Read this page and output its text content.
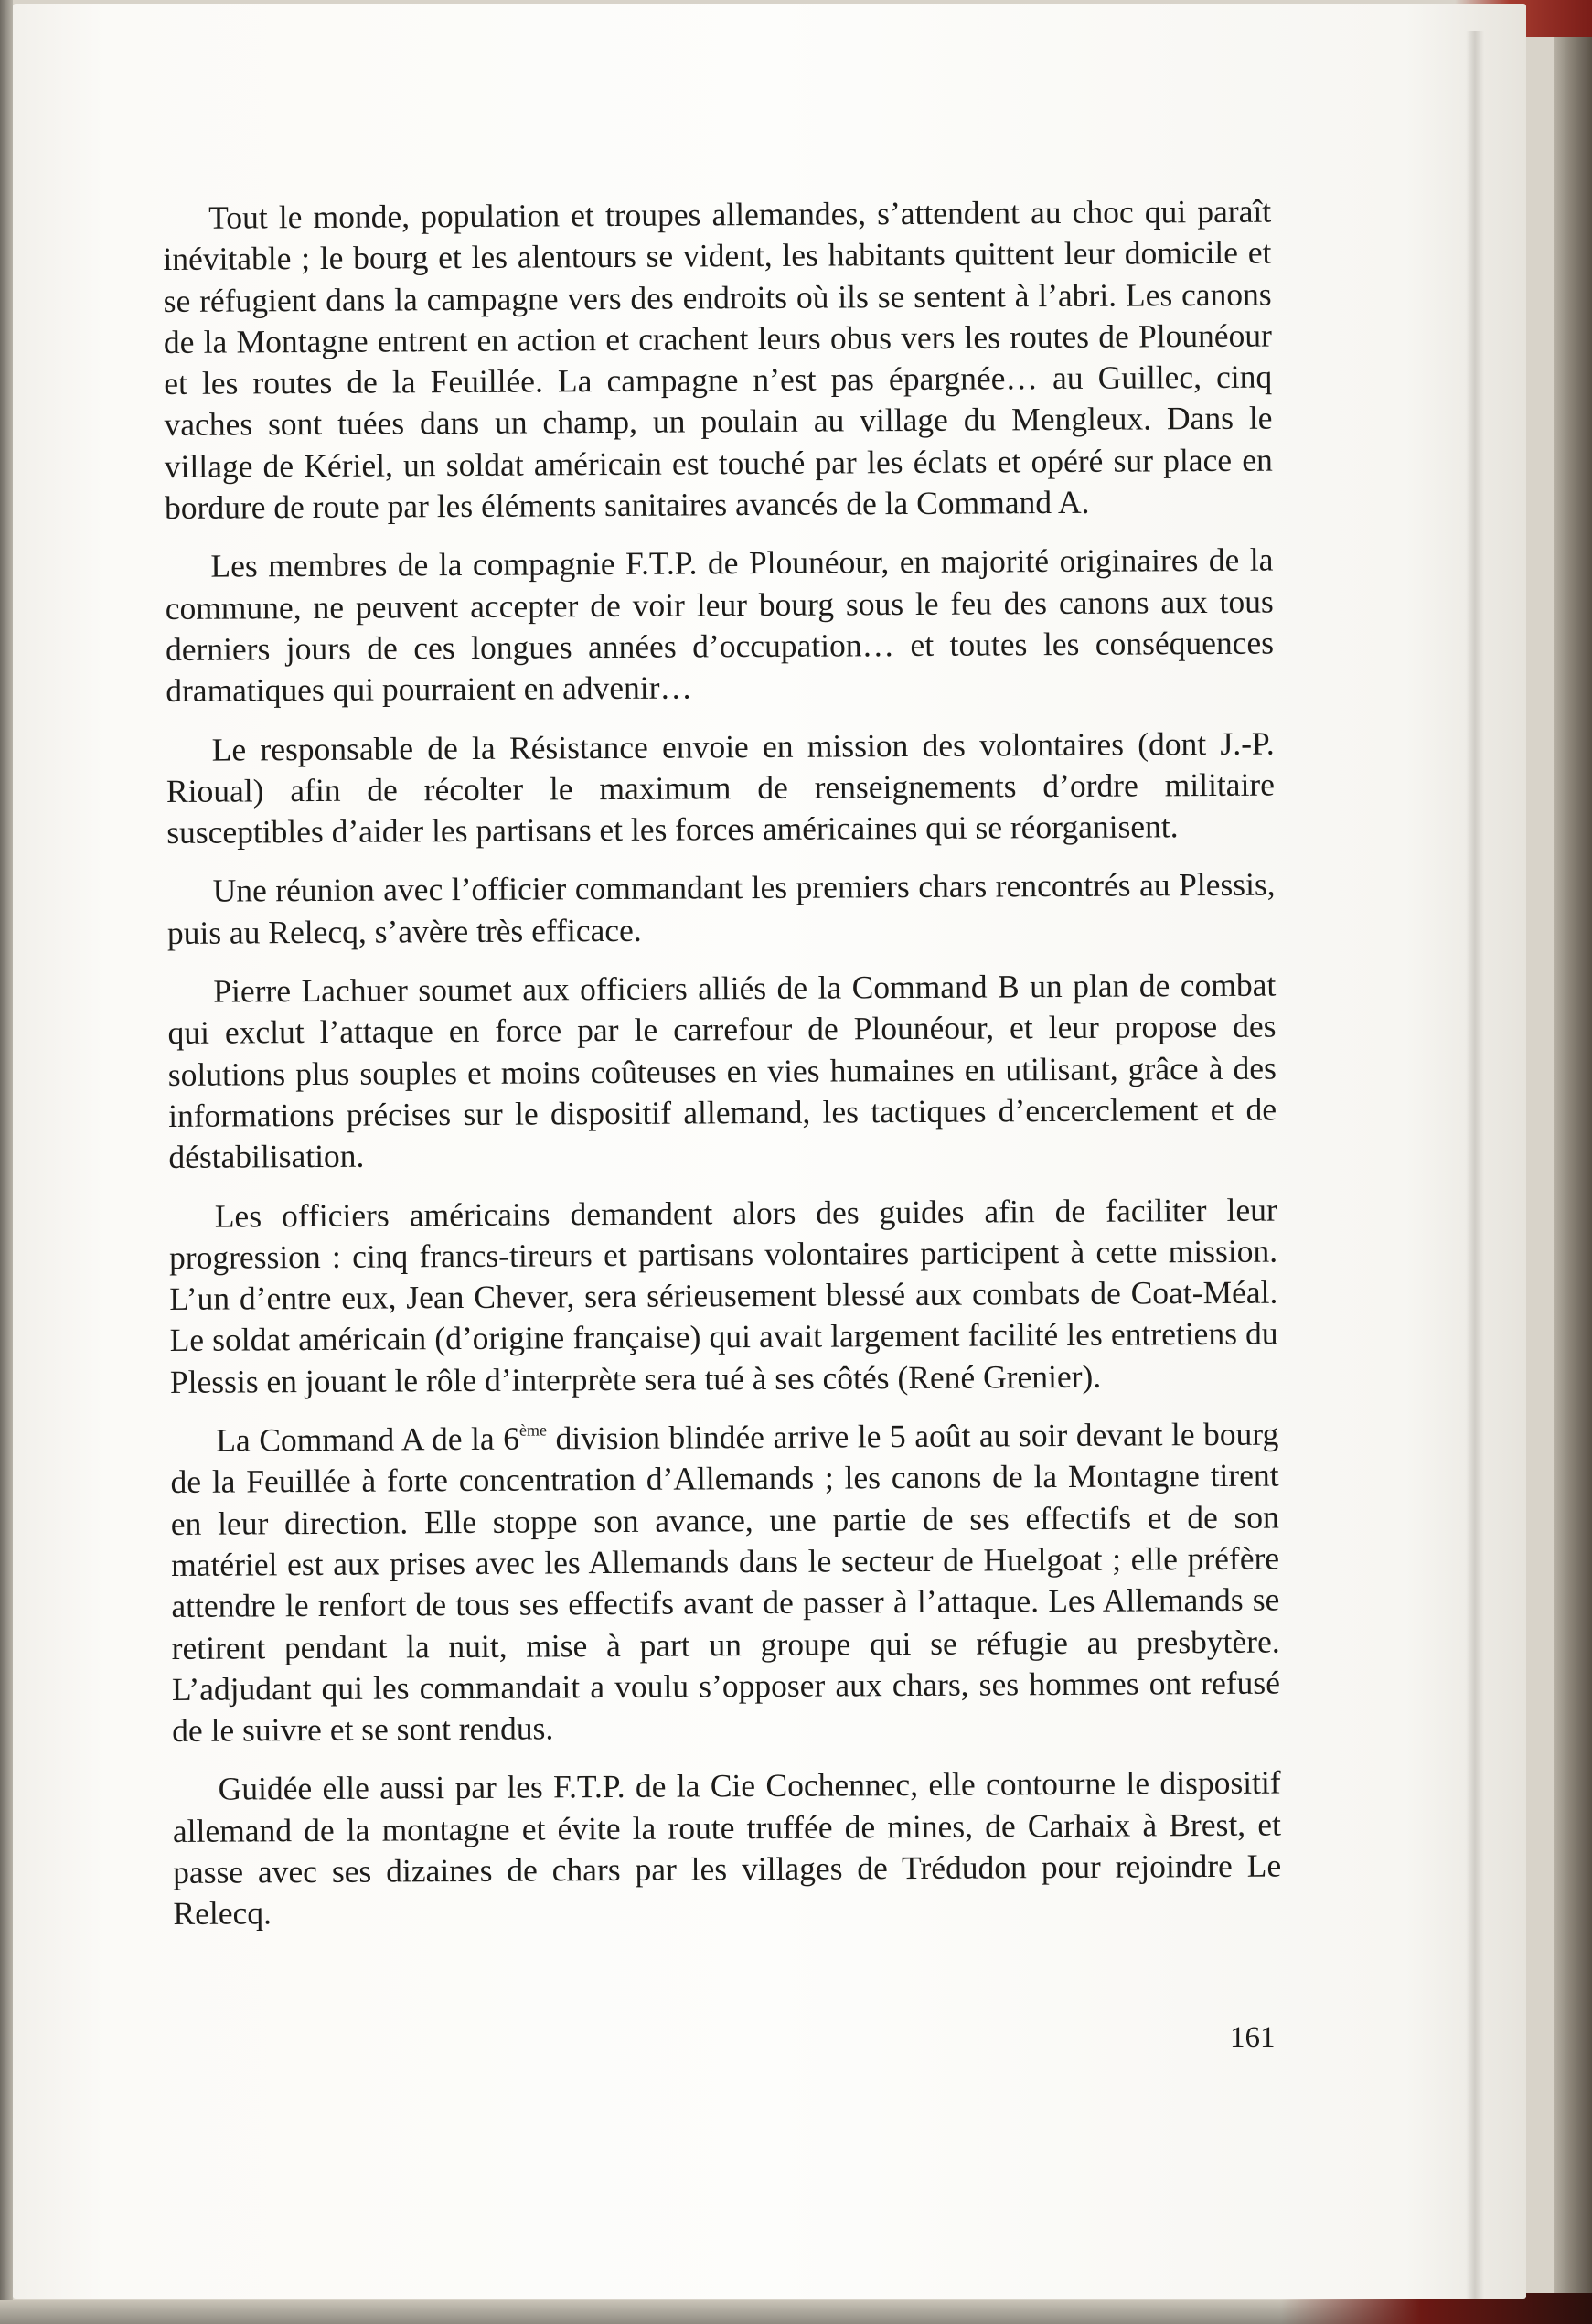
Tout le monde, population et troupes allemandes, s’attendent au choc qui paraît inévitable ; le bourg et les alentours se vident, les habitants quittent leur domicile et se réfugient dans la campagne vers des endroits où ils se sentent à l’abri. Les canons de la Montagne entrent en action et crachent leurs obus vers les routes de Plounéour et les routes de la Feuillée. La campagne n’est pas épargnée… au Guillec, cinq vaches sont tuées dans un champ, un poulain au village du Mengleux. Dans le village de Kériel, un soldat américain est touché par les éclats et opéré sur place en bordure de route par les éléments sanitaires avancés de la Command A.

Les membres de la compagnie F.T.P. de Plounéour, en majorité originaires de la commune, ne peuvent accepter de voir leur bourg sous le feu des canons aux tous derniers jours de ces longues années d’occupation… et toutes les conséquences dramatiques qui pourraient en advenir…

Le responsable de la Résistance envoie en mission des volontaires (dont J.-P. Rioual) afin de récolter le maximum de renseignements d’ordre militaire susceptibles d’aider les partisans et les forces américaines qui se réorganisent.

Une réunion avec l’officier commandant les premiers chars rencontrés au Plessis, puis au Relecq, s’avère très efficace.

Pierre Lachuer soumet aux officiers alliés de la Command B un plan de combat qui exclut l’attaque en force par le carrefour de Plounéour, et leur propose des solutions plus souples et moins coûteuses en vies humaines en utilisant, grâce à des informations précises sur le dispositif allemand, les tactiques d’encerclement et de déstabilisation.

Les officiers américains demandent alors des guides afin de faciliter leur progression : cinq francs-tireurs et partisans volontaires participent à cette mission. L’un d’entre eux, Jean Chever, sera sérieusement blessé aux combats de Coat-Méal. Le soldat américain (d’origine française) qui avait largement facilité les entretiens du Plessis en jouant le rôle d’interprète sera tué à ses côtés (René Grenier).

La Command A de la 6ème division blindée arrive le 5 août au soir devant le bourg de la Feuillée à forte concentration d’Allemands ; les canons de la Montagne tirent en leur direction. Elle stoppe son avance, une partie de ses effectifs et de son matériel est aux prises avec les Allemands dans le secteur de Huelgoat ; elle préfère attendre le renfort de tous ses effectifs avant de passer à l’attaque. Les Allemands se retirent pendant la nuit, mise à part un groupe qui se réfugie au presbytère. L’adjudant qui les commandait a voulu s’opposer aux chars, ses hommes ont refusé de le suivre et se sont rendus.

Guidée elle aussi par les F.T.P. de la Cie Cochennec, elle contourne le dispositif allemand de la montagne et évite la route truffée de mines, de Carhaix à Brest, et passe avec ses dizaines de chars par les villages de Trédudon pour rejoindre Le Relecq.

161
